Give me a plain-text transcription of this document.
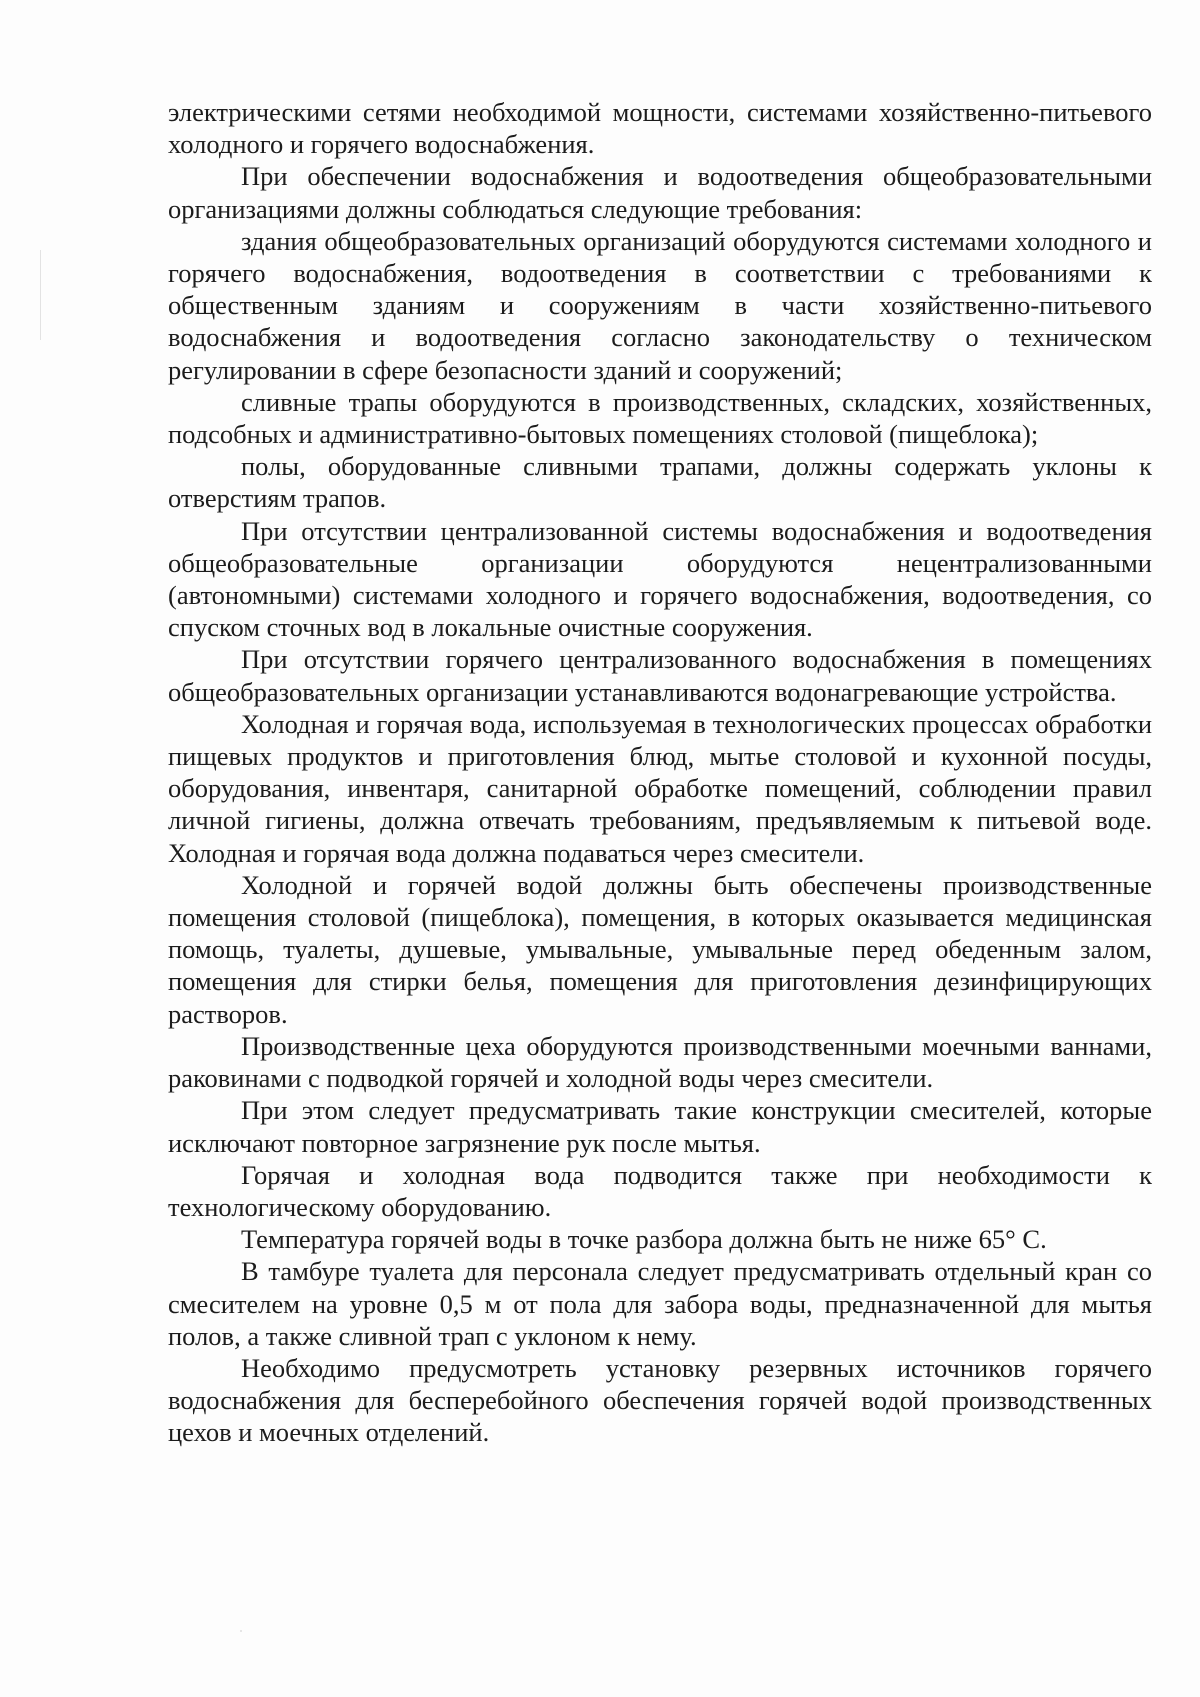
электрическими сетями необходимой мощности, системами хозяйственно-питьевого холодного и горячего водоснабжения.

При обеспечении водоснабжения и водоотведения общеобразовательными организациями должны соблюдаться следующие требования:

здания общеобразовательных организаций оборудуются системами холодного и горячего водоснабжения, водоотведения в соответствии с требованиями к общественным зданиям и сооружениям в части хозяйственно-питьевого водоснабжения и водоотведения согласно законодательству о техническом регулировании в сфере безопасности зданий и сооружений;

сливные трапы оборудуются в производственных, складских, хозяйственных, подсобных и административно-бытовых помещениях столовой (пищеблока);

полы, оборудованные сливными трапами, должны содержать уклоны к отверстиям трапов.

При отсутствии централизованной системы водоснабжения и водоотведения общеобразовательные организации оборудуются нецентрализованными (автономными) системами холодного и горячего водоснабжения, водоотведения, со спуском сточных вод в локальные очистные сооружения.

При отсутствии горячего централизованного водоснабжения в помещениях общеобразовательных организации устанавливаются водонагревающие устройства.

Холодная и горячая вода, используемая в технологических процессах обработки пищевых продуктов и приготовления блюд, мытье столовой и кухонной посуды, оборудования, инвентаря, санитарной обработке помещений, соблюдении правил личной гигиены, должна отвечать требованиям, предъявляемым к питьевой воде. Холодная и горячая вода должна подаваться через смесители.

Холодной и горячей водой должны быть обеспечены производственные помещения столовой (пищеблока), помещения, в которых оказывается медицинская помощь, туалеты, душевые, умывальные, умывальные перед обеденным залом, помещения для стирки белья, помещения для приготовления дезинфицирующих растворов.

Производственные цеха оборудуются производственными моечными ваннами, раковинами с подводкой горячей и холодной воды через смесители.

При этом следует предусматривать такие конструкции смесителей, которые исключают повторное загрязнение рук после мытья.

Горячая и холодная вода подводится также при необходимости к технологическому оборудованию.

Температура горячей воды в точке разбора должна быть не ниже 65° С.

В тамбуре туалета для персонала следует предусматривать отдельный кран со смесителем на уровне 0,5 м от пола для забора воды, предназначенной для мытья полов, а также сливной трап с уклоном к нему.

Необходимо предусмотреть установку резервных источников горячего водоснабжения для бесперебойного обеспечения горячей водой производственных цехов и моечных отделений.
